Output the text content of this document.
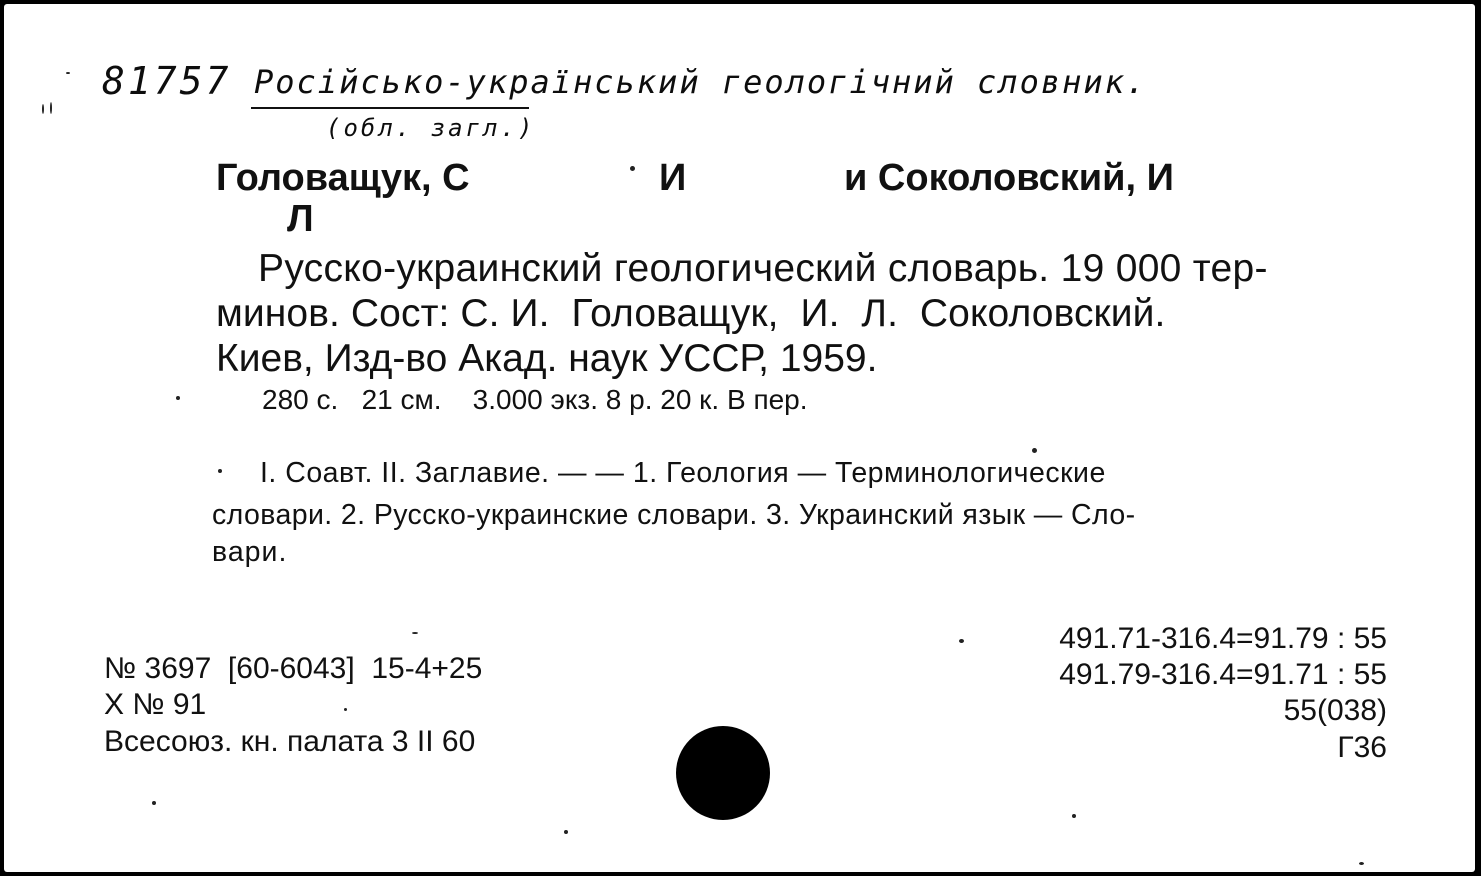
81757 Російсько-український геологічний словник.
(обл. загл.)
Головащук, С	И	и Соколовский, И
Л
Русско-украинский геологический словарь. 19 000 тер-
минов. Сост: С. И.  Головащук,  И.  Л.  Соколовский.
Киев, Изд-во Акад. наук УССР, 1959.
280 с.   21 см.    3.000 экз. 8 р. 20 к. В пер.
I. Соавт. II. Заглавие. — — 1. Геология — Терминологические
словари. 2. Русско-украинские словари. 3. Украинский язык — Сло-
вари.
№ 3697  [60-6043]  15-4+25
Х № 91
Всесоюз. кн. палата 3 II 60
491.71-316.4=91.79 : 55
491.79-316.4=91.71 : 55
55(038)
Г36
